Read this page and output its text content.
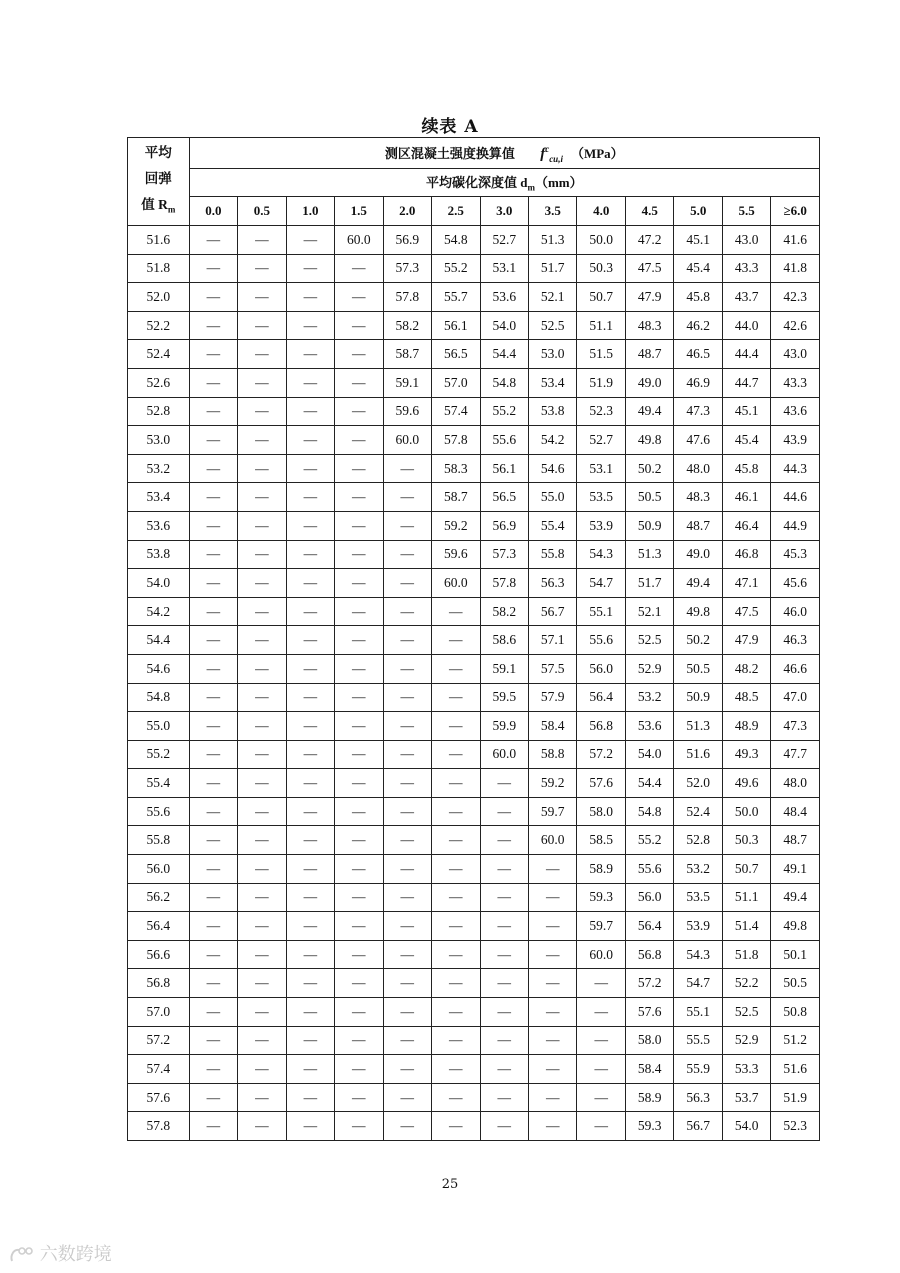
续表 A
平均
回弹
值 $R_m$	测区混凝土强度换算值 $f^c_{cu,i}$ （MPa）												
	平均碳化深度值 $d_m(mm)$												
	0.0	0.5	1.0	1.5	2.0	2.5	3.0	3.5	4.0	4.5	5.0	5.5	≥6.0
51.6	—	—	—	60.0	56.9	54.8	52.7	51.3	50.0	47.2	45.1	43.0	41.6
51.8	—	—	—	—	57.3	55.2	53.1	51.7	50.3	47.5	45.4	43.3	41.8
52.0	—	—	—	—	57.8	55.7	53.6	52.1	50.7	47.9	45.8	43.7	42.3
52.2	—	—	—	—	58.2	56.1	54.0	52.5	51.1	48.3	46.2	44.0	42.6
52.4	—	—	—	—	58.7	56.5	54.4	53.0	51.5	48.7	46.5	44.4	43.0
52.6	—	—	—	—	59.1	57.0	54.8	53.4	51.9	49.0	46.9	44.7	43.3
52.8	—	—	—	—	59.6	57.4	55.2	53.8	52.3	49.4	47.3	45.1	43.6
53.0	—	—	—	—	60.0	57.8	55.6	54.2	52.7	49.8	47.6	45.4	43.9
53.2	—	—	—	—	—	58.3	56.1	54.6	53.1	50.2	48.0	45.8	44.3
53.4	—	—	—	—	—	58.7	56.5	55.0	53.5	50.5	48.3	46.1	44.6
53.6	—	—	—	—	—	59.2	56.9	55.4	53.9	50.9	48.7	46.4	44.9
53.8	—	—	—	—	—	59.6	57.3	55.8	54.3	51.3	49.0	46.8	45.3
54.0	—	—	—	—	—	60.0	57.8	56.3	54.7	51.7	49.4	47.1	45.6
54.2	—	—	—	—	—	—	58.2	56.7	55.1	52.1	49.8	47.5	46.0
54.4	—	—	—	—	—	—	58.6	57.1	55.6	52.5	50.2	47.9	46.3
54.6	—	—	—	—	—	—	59.1	57.5	56.0	52.9	50.5	48.2	46.6
54.8	—	—	—	—	—	—	59.5	57.9	56.4	53.2	50.9	48.5	47.0
55.0	—	—	—	—	—	—	59.9	58.4	56.8	53.6	51.3	48.9	47.3
55.2	—	—	—	—	—	—	60.0	58.8	57.2	54.0	51.6	49.3	47.7
55.4	—	—	—	—	—	—	—	59.2	57.6	54.4	52.0	49.6	48.0
55.6	—	—	—	—	—	—	—	59.7	58.0	54.8	52.4	50.0	48.4
55.8	—	—	—	—	—	—	—	60.0	58.5	55.2	52.8	50.3	48.7
56.0	—	—	—	—	—	—	—	—	58.9	55.6	53.2	50.7	49.1
56.2	—	—	—	—	—	—	—	—	59.3	56.0	53.5	51.1	49.4
56.4	—	—	—	—	—	—	—	—	59.7	56.4	53.9	51.4	49.8
56.6	—	—	—	—	—	—	—	—	60.0	56.8	54.3	51.8	50.1
56.8	—	—	—	—	—	—	—	—	—	57.2	54.7	52.2	50.5
57.0	—	—	—	—	—	—	—	—	—	57.6	55.1	52.5	50.8
57.2	—	—	—	—	—	—	—	—	—	58.0	55.5	52.9	51.2
57.4	—	—	—	—	—	—	—	—	—	58.4	55.9	53.3	51.6
57.6	—	—	—	—	—	—	—	—	—	58.9	56.3	53.7	51.9
57.8	—	—	—	—	—	—	—	—	—	59.3	56.7	54.0	52.3
25
六数跨境
